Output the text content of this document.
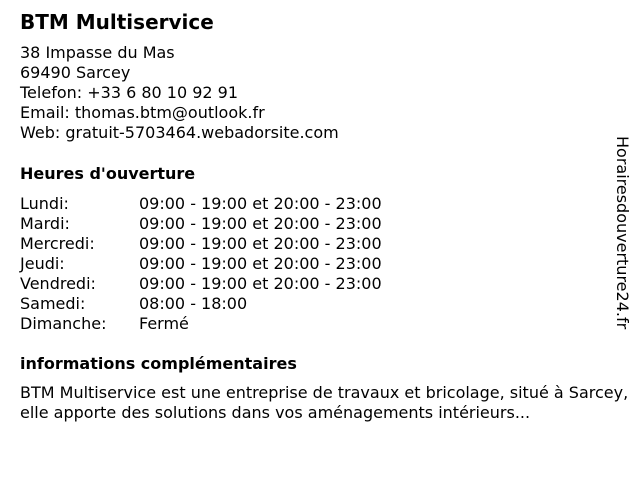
BTM Multiservice
38 Impasse du Mas
69490 Sarcey
Telefon: +33 6 80 10 92 91
Email: thomas.btm@outlook.fr
Web: gratuit-5703464.webadorsite.com
Heures d'ouverture
Lundi:	09:00 - 19:00 et 20:00 - 23:00
Mardi:	09:00 - 19:00 et 20:00 - 23:00
Mercredi:	09:00 - 19:00 et 20:00 - 23:00
Jeudi:	09:00 - 19:00 et 20:00 - 23:00
Vendredi:	09:00 - 19:00 et 20:00 - 23:00
Samedi:	08:00 - 18:00
Dimanche: Fermé
informations complémentaires
BTM Multiservice est une entreprise de travaux et bricolage, situé à Sarcey, elle apporte des solutions dans vos aménagements intérieurs...
Horairesdouverture24.fr
